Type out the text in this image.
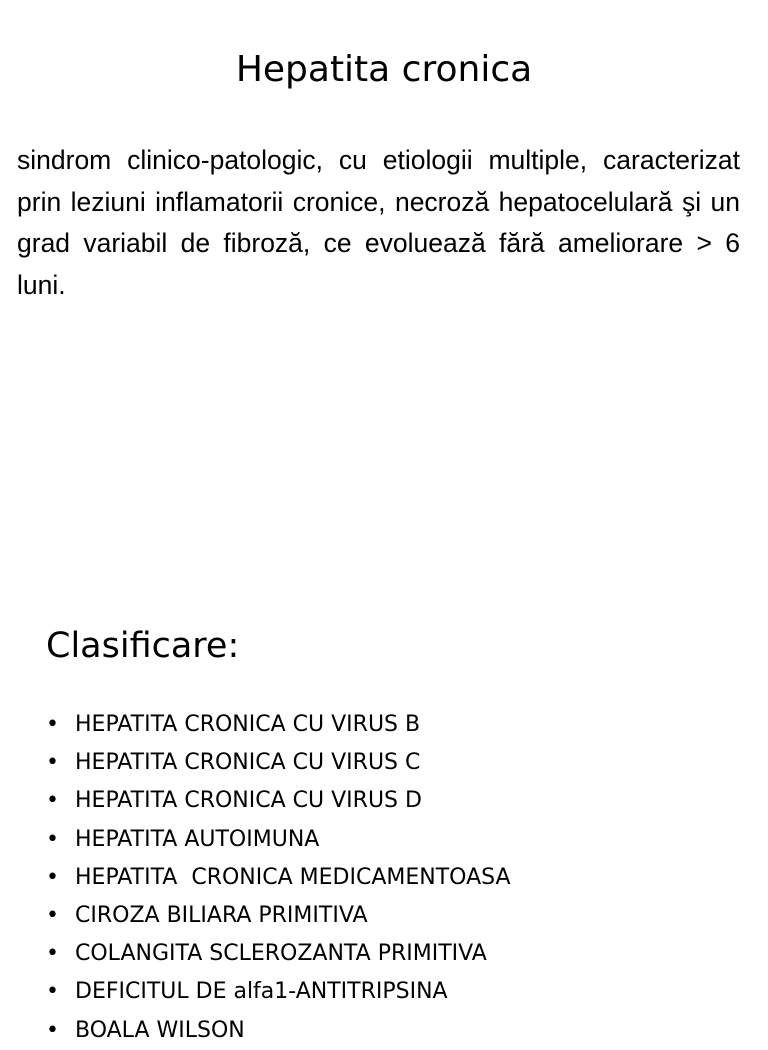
Hepatita cronica

sindrom clinico-patologic, cu etiologii multiple, caracterizat prin leziuni inflamatorii cronice, necroză hepatocelulară şi un grad variabil de fibroză, ce evoluează fără ameliorare > 6 luni.

Clasificare:
• HEPATITA CRONICA CU VIRUS B
• HEPATITA CRONICA CU VIRUS C
• HEPATITA CRONICA CU VIRUS D
• HEPATITA AUTOIMUNA
• HEPATITA  CRONICA MEDICAMENTOASA
• CIROZA BILIARA PRIMITIVA
• COLANGITA SCLEROZANTA PRIMITIVA
• DEFICITUL DE alfa1-ANTITRIPSINA
• BOALA WILSON
